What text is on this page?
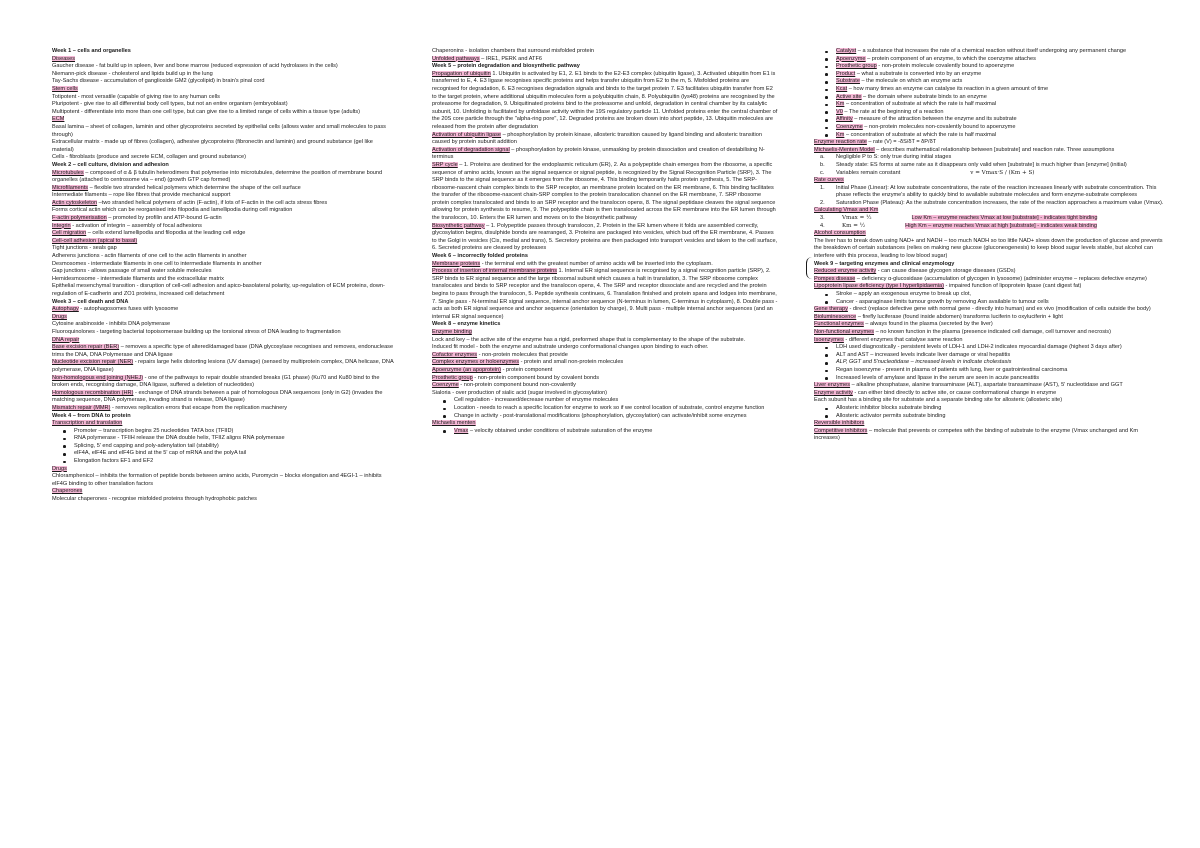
Week 1 – cells and organelles

Diseases

Gaucher disease - fat build up in spleen, liver and bone marrow (reduced expression of acid hydrolases in the cells)

Niemann-pick disease - cholesterol and lipids build up in the lung

Tay-Sachs disease - accumulation of ganglioside GM2 (glycolipid) in brain's pinal cord

Stem cells

Totipotent - most versatile (capable of giving rise to any human cells

Pluripotent - give rise to all differential body cell types, but not an entire organism (embryoblast)

Multipotent - differentiate into more than one cell type, but can give rise to a limited range of cells within a tissue type (adults)

ECM

Basal lamina – sheet of collagen, laminin and other glycoproteins secreted by epithelial cells (allows water and small molecules to pass through)

Extracellular matrix - made up of fibres (collagen), adhesive glycoproteins (fibronectin and laminin) and ground substance (gel like material)

Cells - fibroblasts (produce and secrete ECM, collagen and ground substance)

Week 2 – cell culture, division and adhesion

Microtubules – composed of α & β tubulin heterodimers that polymerise into microtubules, determine the position of membrane bound organelles (attached to centrosome via – end) (growth GTP cap formed)

Microfilaments – flexible two stranded helical polymers which determine the shape of the cell surface

Intermediate filaments – rope like fibres that provide mechanical support

Actin cytoskeleton –two stranded helical polymers of actin (F-actin), if lots of F-actin in the cell acts stress fibres

Forms cortical actin which can be reorganised into filopodia and lamellipodia during cell migration

F-actin polymerisation – promoted by profilin and ATP-bound G-actin

Integrin - activation of integrin – assembly of focal adhesions

Cell migration – cells extend lamellipodia and filopodia at the leading cell edge

Cell-cell adhesion (apical to basal)

Tight junctions - seals gap

Adherens junctions - actin filaments of one cell to the actin filaments in another

Desmosomes - intermediate filaments in one cell to intermediate filaments in another

Gap junctions - allows passage of small water soluble molecules

Hemidesmosome - intermediate filaments and the extracellular matrix

Epithelial mesenchymal transition - disruption of cell-cell adhesion and apico-basolateral polarity, up-regulation of ECM proteins, down-regulation of E-cadherin and ZO1 proteins, increased cell detachment

Week 3 – cell death and DNA

Autophagy - autophagosomes fuses with lysosome

Drugs

Cytosine arabinoside - inhibits DNA polymerase

Fluoroquinolones - targeting bacterial topoisomerase building up the torsional stress of DNA leading to fragmentation

DNA repair

Base excision repair (BER) – removes a specific type of altered/damaged base (DNA glycosylase recognises and removes, endonuclease trims the DNA, DNA Polymerase and DNA ligase

Nucleotide excision repair (NER) - repairs large helix distorting lesions (UV damage) (sensed by multiprotein complex, DNA helicase, DNA polymerase, DNA ligase)

Non-homologous end joining (NHEJ) - one of the pathways to repair double stranded breaks (G1 phase) (Ku70 and Ku80 bind to the broken ends, recognising damage, DNA ligase, suffered a deletion of nucleotides)

Homologous recombination (HR) - exchange of DNA strands between a pair of homologous DNA sequences (only in G2) (invades the matching sequence, DNA polymerase, invading strand is release, DNA ligase)

Mismatch repair (MMR) - removes replication errors that escape from the replication machinery

Week 4 – from DNA to protein

Transcription and translation

Promoter – transcription begins 25 nucleotides TATA box (TFIID)

RNA polymerase - TFIIH release the DNA double helix, TFIIZ aligns RNA polymerase

Splicing, 5' end capping and poly-adenylation tail (stability)

elF4A, elF4E and elF4G bind at the 5' cap of mRNA and the polyA tail

Elongation factors EF1 and EF2

Drugs

Chloramphenicol – inhibits the formation of peptide bonds between amino acids, Puromycin – blocks elongation and 4EGI-1 – inhibits elF4G binding to other translation factors

Chaperones

Molecular chaperones - recognise misfolded proteins through hydrophobic patches

Chaperonins - isolation chambers that surround misfolded protein

Unfolded pathways – IRE1, PERK and ATF6

Week 5 – protein degradation and biosynthetic pathway

Propagation of ubiquitin 1. Ubiquitin is activated by E1, 2. E1 binds to the E2-E3 complex (ubiquitin ligase), 3. Activated ubiquitin from E1 is transferred to E, 4. E3 ligase recognises specific proteins and helps transfer ubiquitin from E2 to the m, 5. Misfolded proteins are recognised for degradation, 6. E3 recognises degradation signals and binds to the target protein 7. E3 facilitates ubiquitin transfer from E2 to the target protein, where additional ubiquitin molecules form a polyubiquitin chain, 8. Polyubiquitin (lys48) proteins are recognised by the proteasome for degradation, 9. Ubiquitinated proteins bind to the proteasome and unfold, degradation in central chamber by its catalytic subunit, 10. Unfolding is facilitated by unfoldase activity within the 19S regulatory particle 11. Unfolded proteins enter the central chamber of the 20S core particle through the "alpha-ring pore", 12. Degraded proteins are broken down into short peptide, 13. Ubiquitin molecules are released from the protein after degradation

Activation of ubiquitin ligase – phosphorylation by protein kinase, allosteric transition caused by ligand binding and allosteric transition caused by protein subunit addition

Activation of degradation signal – phosphorylation by protein kinase, unmasking by protein dissociation and creation of destabilising N-terminus

SRP cycle – 1. Proteins are destined for the endoplasmic reticulum (ER), 2. As a polypeptide chain emerges from the ribosome, a specific sequence of amino acids, known as the signal sequence or signal peptide, is recognized by the Signal Recognition Particle (SRP), 3. The SRP binds to the signal sequence as it emerges from the ribosome, 4. This binding temporarily halts protein synthesis, 5. The SRP-ribosome-nascent chain complex binds to the SRP receptor, an membrane protein located on the ER membrane, 6. This binding facilitates the transfer of the ribosome-nascent chain-SRP complex to the protein translocation channel on the ER membrane, 7. SRP ribosome protein complex translocated and binds to an SRP receptor and the translocon opens, 8. The signal peptidase cleaves the signal sequence allowing for protein synthesis to resume, 9. The polypeptide chain is then translocated across the ER membrane into the ER lumen through the translocon, 10. Enters the ER lumen and moves on to the biosynthetic pathway

Biosynthetic pathway – 1. Polypeptide passes through translocon, 2. Protein in the ER lumen where it folds are assembled correctly, glycosylation begins, disulphide bonds are rearranged, 3. Proteins are packaged into vesicles, which bud off the ER membrane, 4. Passes to the Golgi in vesicles (Cis, medial and trans), 5. Secretory proteins are then packaged into transport vesicles and taken to the cell surface, 6. Secreted proteins are cleaved by proteases

Week 6 – incorrectly folded proteins

Membrane proteins - the terminal end with the greatest number of amino acids will be inserted into the cytoplasm.

Process of insertion of internal membrane proteins 1. Internal ER signal sequence is recognised by a signal recognition particle (SRP), 2. SRP binds to ER signal sequence and the large ribosomal subunit which causes a halt in translation, 3. The SRP ribosome complex translocates and binds to SRP receptor and the translocon opens, 4. The SRP and receptor dissociate and are recycled and the protein begins to pass through the translocon, 5. Peptide synthesis continues, 6. Translation finished and protein spans and lodges into membrane, 7. Single pass - N-terminal ER signal sequence, internal anchor sequence (N-terminus in lumen, C-terminus in cytoplasm), 8. Double pass - acts as both ER signal sequence and anchor sequence (orientation by charge), 9. Multi pass - multiple internal anchor sequences (and an internal ER signal sequence)

Week 8 – enzyme kinetics

Enzyme binding

Lock and key – the active site of the enzyme has a rigid, preformed shape that is complementary to the shape of the substrate.

Induced fit model - both the enzyme and substrate undergo conformational changes upon binding to each other.

Cofactor enzymes - non-protein molecules that provide

Complex enzymes or holoenzymes - protein and small non-protein molecules

Apoenzyme (an apoprotein) - protein component

Prosthetic group - non-protein component bound by covalent bonds

Coenzyme - non-protein component bound non-covalently

Sialoria - over production of sialic acid (sugar involved in glycosylation)

Cell regulation - increased/decrease number of enzyme molecules

Location - needs to reach a specific location for enzyme to work so if we control location of substrate, control enzyme function

Change in activity - post-translational modifications (phosphorylation, glycosylation) can activate/inhibit some enzymes

Michaelis menten

Vmax – velocity obtained under conditions of substrate saturation of the enzyme

Catalyst – a substance that increases the rate of a chemical reaction without itself undergoing any permanent change

Apoenzyme – protein component of an enzyme, to which the coenzyme attaches

Prosthetic group - non-protein molecule covalently bound to apoenzyme

Product – what a substrate is converted into by an enzyme

Substrate – the molecule on which an enzyme acts

Kcat – how many times an enzyme can catalyse its reaction in a given amount of time

Active site – the domain where substrate binds to an enzyme

Km – concentration of substrate at which the rate is half maximal

V0 – The rate at the beginning of a reaction

Affinity – measure of the attraction between the enzyme and its substrate

Coenzyme – non-protein molecules non-covalently bound to apoenzyme

Km – concentration of substrate at which the rate is half maximal

Enzyme reaction rate – rate (V) = -δS/δT = δP/δT

Michaelis-Menten Model – describes mathematical relationship between [substrate] and reaction rate. Three assumptions

a. Negligible P to S: only true during initial stages

b. Steady state: ES forms at same rate as it disappears only valid when [substrate] is much higher than [enzyme] (initial)

c. Variables remain constant	v = Vmax·S / (Km + S)

Rate curves

1. Initial Phase (Linear): At low substrate concentrations, the rate of the reaction increases linearly with substrate concentration. This phase reflects the enzyme's ability to quickly bind to available substrate molecules and form enzyme-substrate complexes

2. Saturation Phase (Plateau): As the substrate concentration increases, the rate of the reaction approaches a maximum value (Vmax).

Calculating Vmax and Km

3.	Vmax = ½	Low Km – enzyme reaches Vmax at low [substrate] - indicates tight binding

4.	Km = ½	High Km – enzyme reaches Vmax at high [substrate] - indicates weak binding

Alcohol consumption

The liver has to break down using NAD+ and NADH – too much NADH so too little NAD+ slows down the production of glucose and prevents the breakdown of certain substances (relies on making new glucose (gluconeogenesis) to keep blood sugar levels stable, but alcohol can interfere with this process, leading to low blood sugar)

Week 9 – targeting enzymes and clinical enzymology

Reduced enzyme activity - can cause disease glycogen storage diseases (GSDs)

Pompes disease – deficiency α-glucosidase (accumulation of glycogen in lysosome) (administer enzyme – replaces defective enzyme)

Lipoprotein lipase deficiency (type I hyperlipidaemia) - impaired function of lipoprotein lipase (cant digest fat)

Stroke – apply an exogenous enzyme to break up clot,

Cancer - asparaginase limits tumour growth by removing Asn available to tumour cells

Gene therapy - direct (replace defective gene with normal gene - directly into human) and ex vivo (modification of cells outside the body)

Bioluminescence – firefly luciferase (found inside abdomen) transforms luciferin to oxyluciferin + light

Functional enzymes – always found in the plasma (secreted by the liver)

Non-functional enzymes – no known function in the plasma (presence indicated cell damage, cell turnover and necrosis)

Isoenzymes - different enzymes that catalyse same reaction

LDH used diagnostically - persistent levels of LDH-1 and LDH-2 indicates myocardial damage (highest 3 days after)

ALT and AST – increased levels indicate liver damage or viral hepatitis

ALP, GGT and 5'nucleotidase – increased levels in indicate cholestasis

Regan isoenzyme - present in plasma of patients with lung, liver or gastrointestinal carcinoma

Increased levels of amylase and lipase in the serum are seen in acute pancreatitis

Liver enzymes – alkaline phosphatase, alanine transaminase (ALT), aspartate transaminase (AST), 5' nucleotidase and GGT

Enzyme activity - can either bind directly to active site, or cause conformational change in enzyme

Each subunit has a binding site for substrate and a separate binding site for allosteric (allosteric site)

Allosteric inhibitor blocks substrate binding

Allosteric activator permits substrate binding

Reversible inhibitors

Competitive inhibitors – molecule that prevents or competes with the binding of substrate to the enzyme (Vmax unchanged and Km increases)
